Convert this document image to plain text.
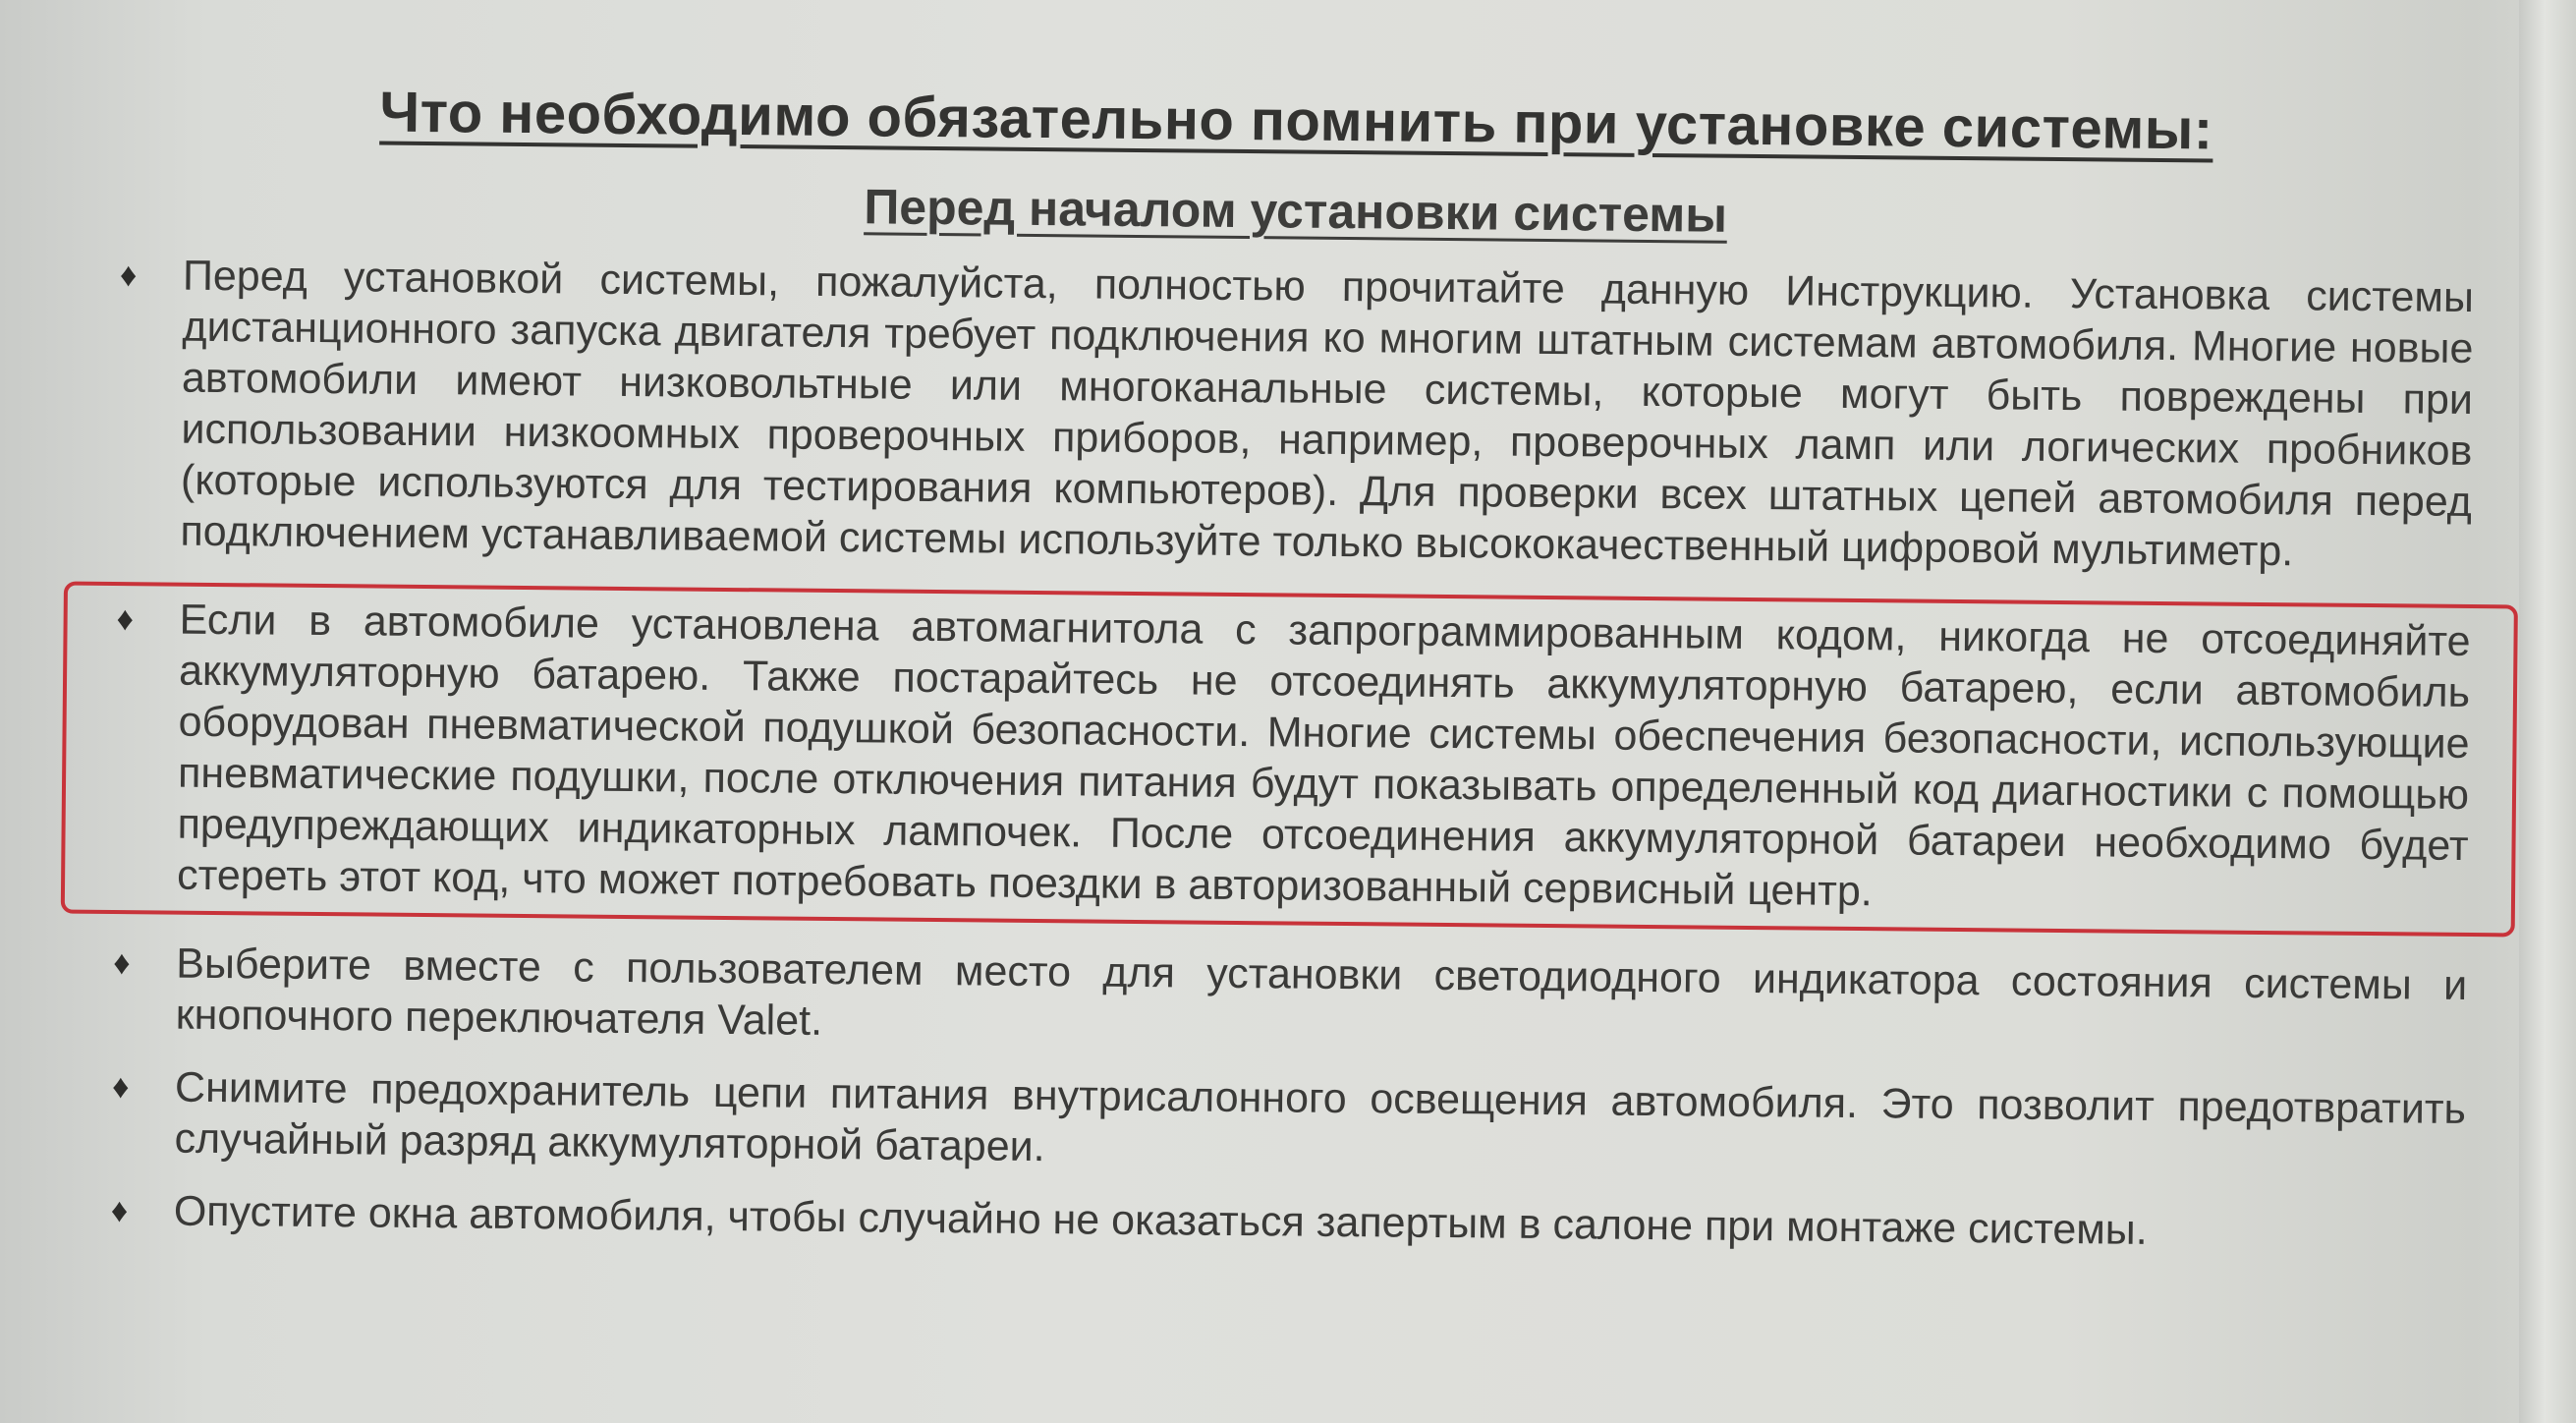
Что необходимо обязательно помнить при установке системы:
Перед началом установки системы
♦ Перед установкой системы, пожалуйста, полностью прочитайте данную Инструкцию. Установка системы дистанционного запуска двигателя требует подключения ко многим штатным системам автомобиля. Многие новые автомобили имеют низковольтные или многоканальные системы, которые могут быть повреждены при использовании низкоомных проверочных приборов, например, проверочных ламп или логических пробников (которые используются для тестирования компьютеров). Для проверки всех штатных цепей автомобиля перед подключением устанавливаемой системы используйте только высококачественный цифровой мультиметр.
♦ Если в автомобиле установлена автомагнитола с запрограммированным кодом, никогда не отсоединяйте аккумуляторную батарею. Также постарайтесь не отсоединять аккумуляторную батарею, если автомобиль оборудован пневматической подушкой безопасности. Многие системы обеспечения безопасности, использующие пневматические подушки, после отключения питания будут показывать определенный код диагностики с помощью предупреждающих индикаторных лампочек. После отсоединения аккумуляторной батареи необходимо будет стереть этот код, что может потребовать поездки в авторизованный сервисный центр.
♦ Выберите вместе с пользователем место для установки светодиодного индикатора состояния системы и кнопочного переключателя Valet.
♦ Снимите предохранитель цепи питания внутрисалонного освещения автомобиля. Это позволит предотвратить случайный разряд аккумуляторной батареи.
♦ Опустите окна автомобиля, чтобы случайно не оказаться запертым в салоне при монтаже системы.
